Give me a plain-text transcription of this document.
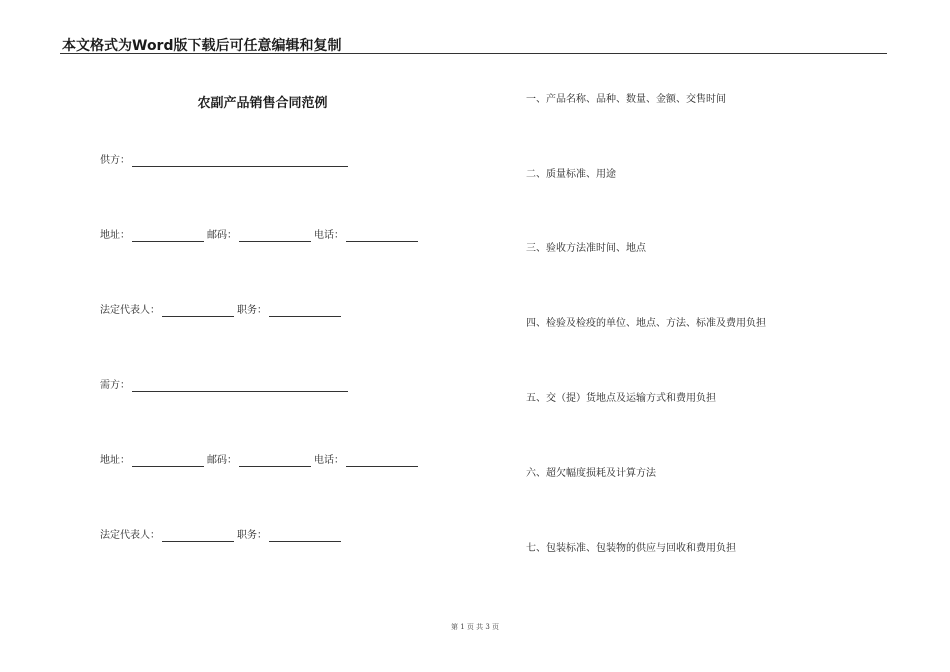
本文格式为Word版下载后可任意编辑和复制
农副产品销售合同范例
供方：
地址：	邮码：	电话：
法定代表人：	职务：
需方：
地址：	邮码：	电话：
法定代表人：	职务：
一、产品名称、品种、数量、金额、交售时间
二、质量标准、用途
三、验收方法准时间、地点
四、检验及检疫的单位、地点、方法、标准及费用负担
五、交（提）货地点及运输方式和费用负担
六、超欠幅度损耗及计算方法
七、包装标准、包装物的供应与回收和费用负担
第 1 页 共 3 页
